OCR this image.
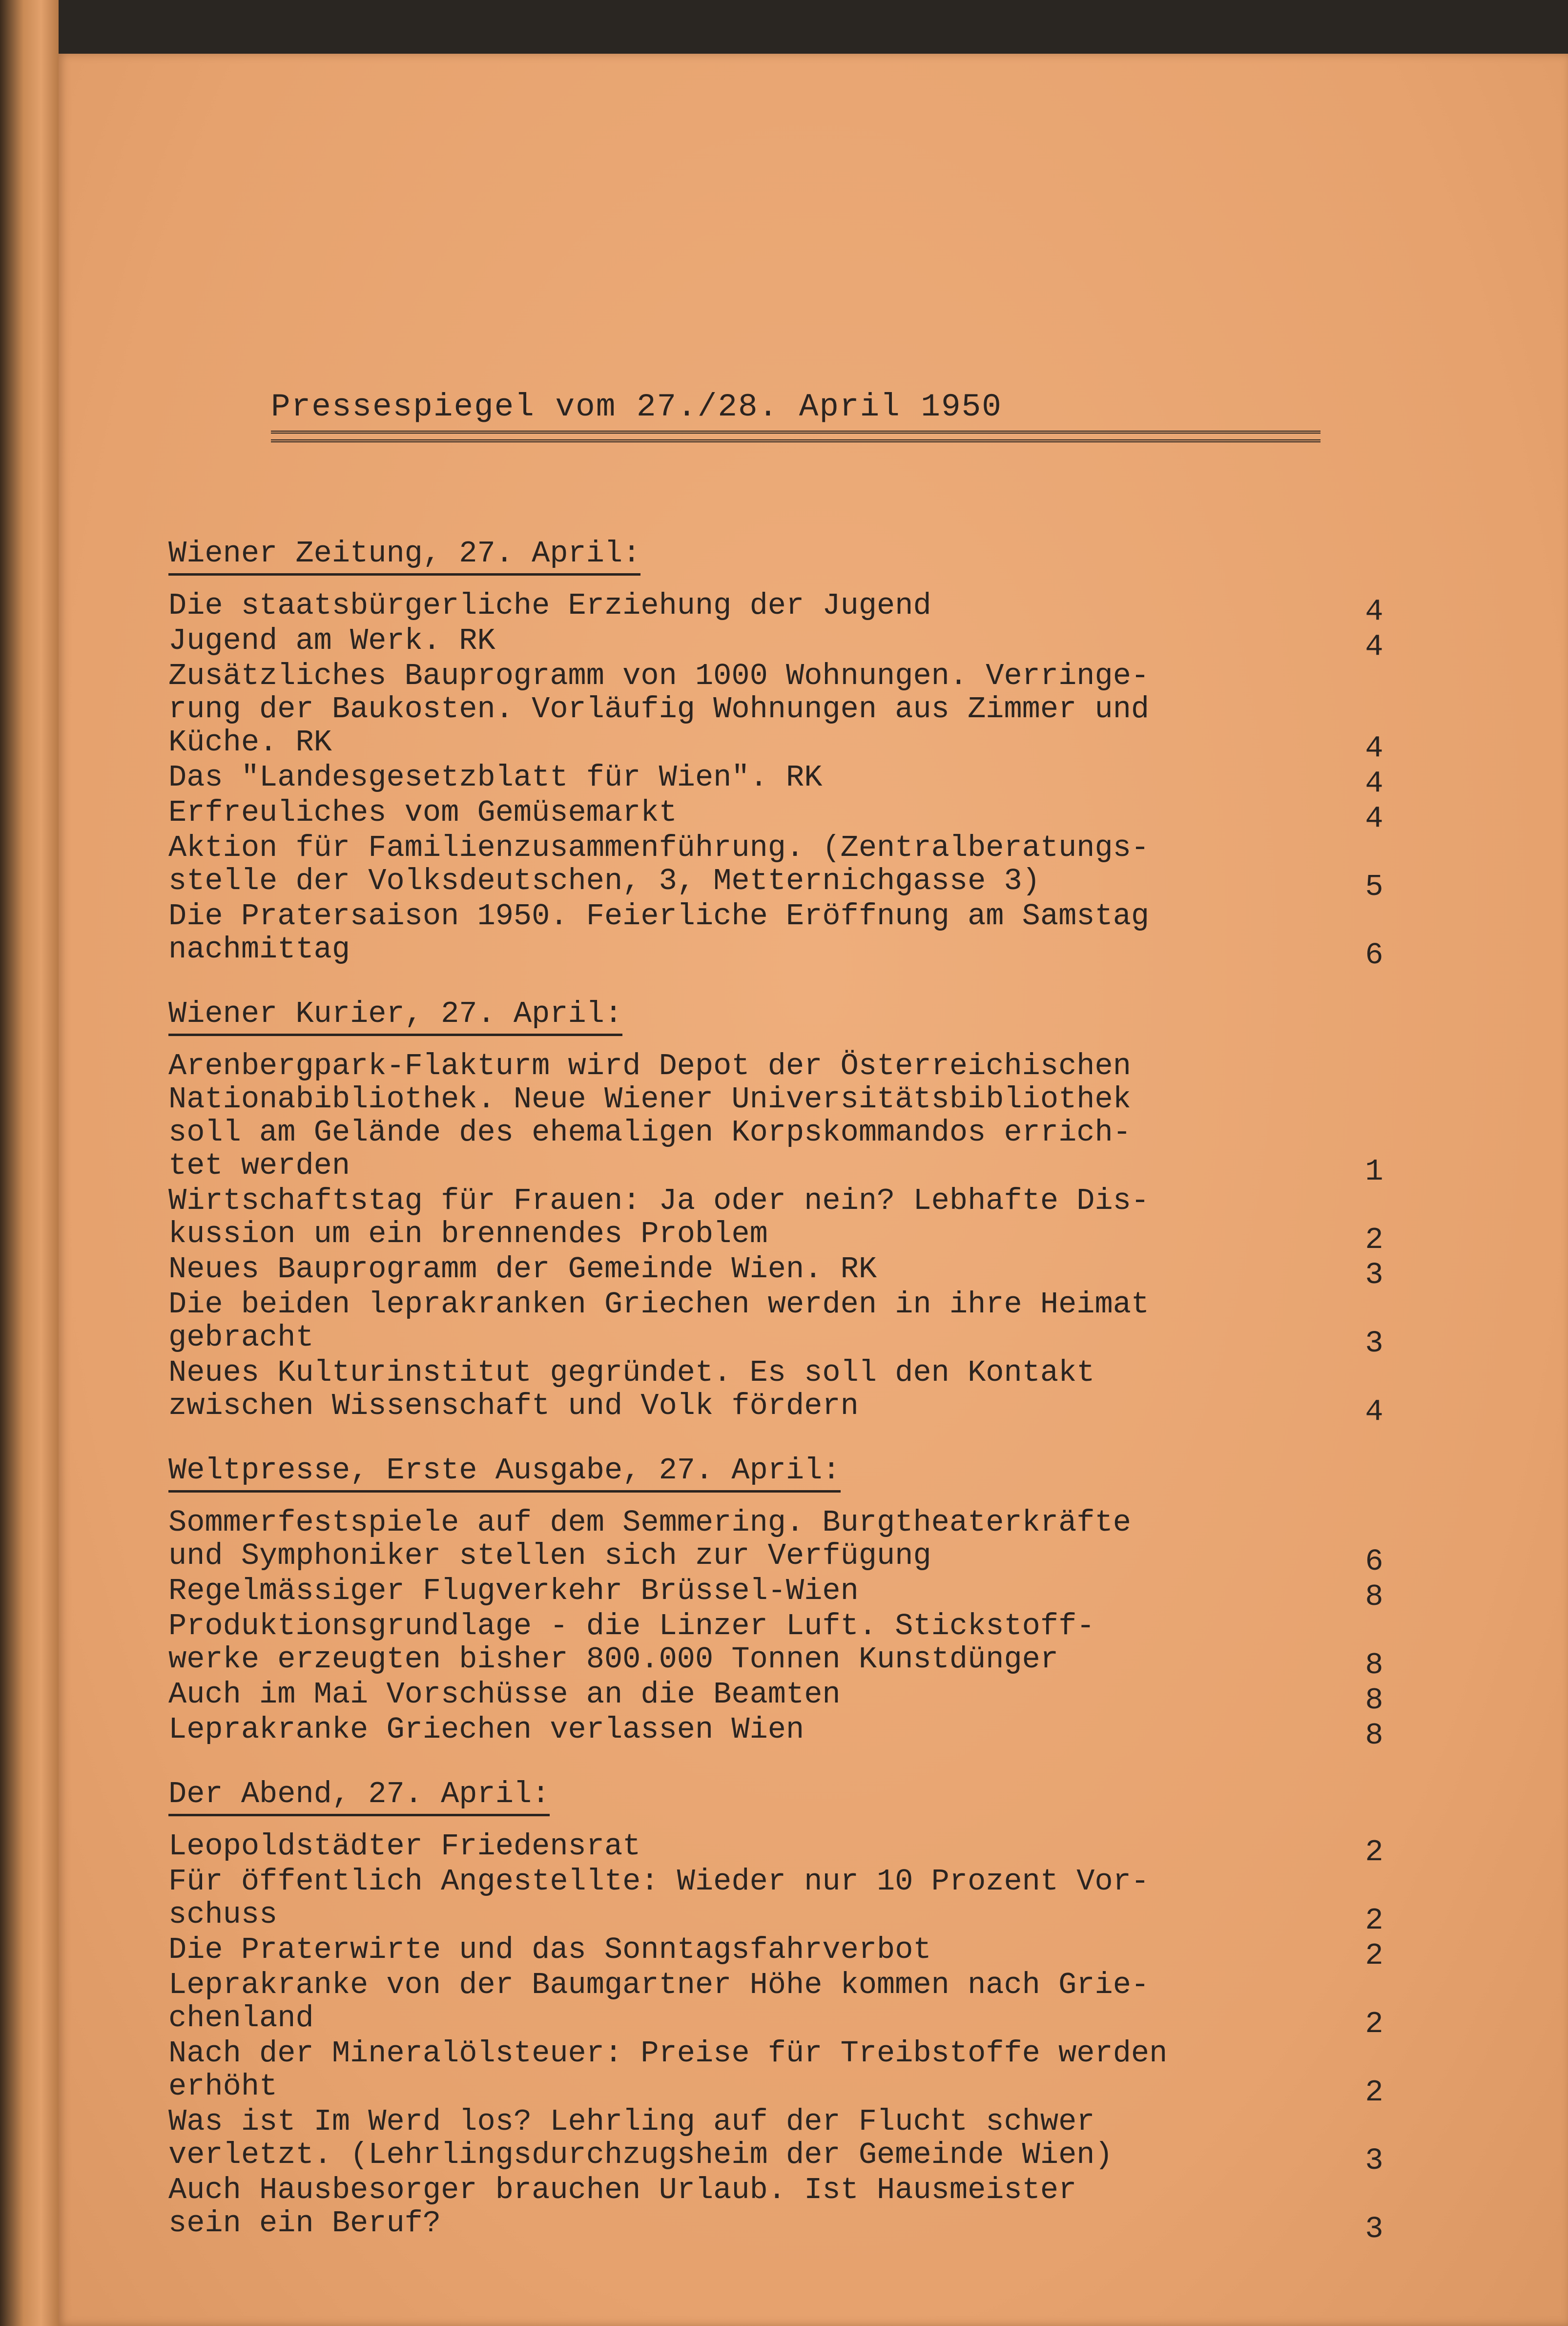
Pressespiegel vom 27./28. April 1950
Wiener Zeitung, 27. April:
Die staatsbürgerliche Erziehung der Jugend	4
Jugend am Werk. RK	4
Zusätzliches Bauprogramm von 1000 Wohnungen. Verringe-
rung der Baukosten. Vorläufig Wohnungen aus Zimmer und
Küche. RK	4
Das "Landesgesetzblatt für Wien". RK	4
Erfreuliches vom Gemüsemarkt	4
Aktion für Familienzusammenführung. (Zentralberatungs-
stelle der Volksdeutschen, 3, Metternichgasse 3)	5
Die Pratersaison 1950. Feierliche Eröffnung am Samstag
nachmittag	6
Wiener Kurier, 27. April:
Arenbergpark-Flakturm wird Depot der Österreichischen
Nationabibliothek. Neue Wiener Universitätsbibliothek
soll am Gelände des ehemaligen Korpskommandos errich-
tet werden	1
Wirtschaftstag für Frauen: Ja oder nein? Lebhafte Dis-
kussion um ein brennendes Problem	2
Neues Bauprogramm der Gemeinde Wien. RK	3
Die beiden leprakranken Griechen werden in ihre Heimat
gebracht	3
Neues Kulturinstitut gegründet. Es soll den Kontakt
zwischen Wissenschaft und Volk fördern	4
Weltpresse, Erste Ausgabe, 27. April:
Sommerfestspiele auf dem Semmering. Burgtheaterkräfte
und Symphoniker stellen sich zur Verfügung	6
Regelmässiger Flugverkehr Brüssel-Wien	8
Produktionsgrundlage - die Linzer Luft. Stickstoff-
werke erzeugten bisher 800.000 Tonnen Kunstdünger	8
Auch im Mai Vorschüsse an die Beamten	8
Leprakranke Griechen verlassen Wien	8
Der Abend, 27. April:
Leopoldstädter Friedensrat	2
Für öffentlich Angestellte: Wieder nur 10 Prozent Vor-
schuss	2
Die Praterwirte und das Sonntagsfahrverbot	2
Leprakranke von der Baumgartner Höhe kommen nach Grie-
chenland	2
Nach der Mineralölsteuer: Preise für Treibstoffe werden
erhöht	2
Was ist Im Werd los? Lehrling auf der Flucht schwer
verletzt. (Lehrlingsdurchzugsheim der Gemeinde Wien)	3
Auch Hausbesorger brauchen Urlaub. Ist Hausmeister
sein ein Beruf?	3
